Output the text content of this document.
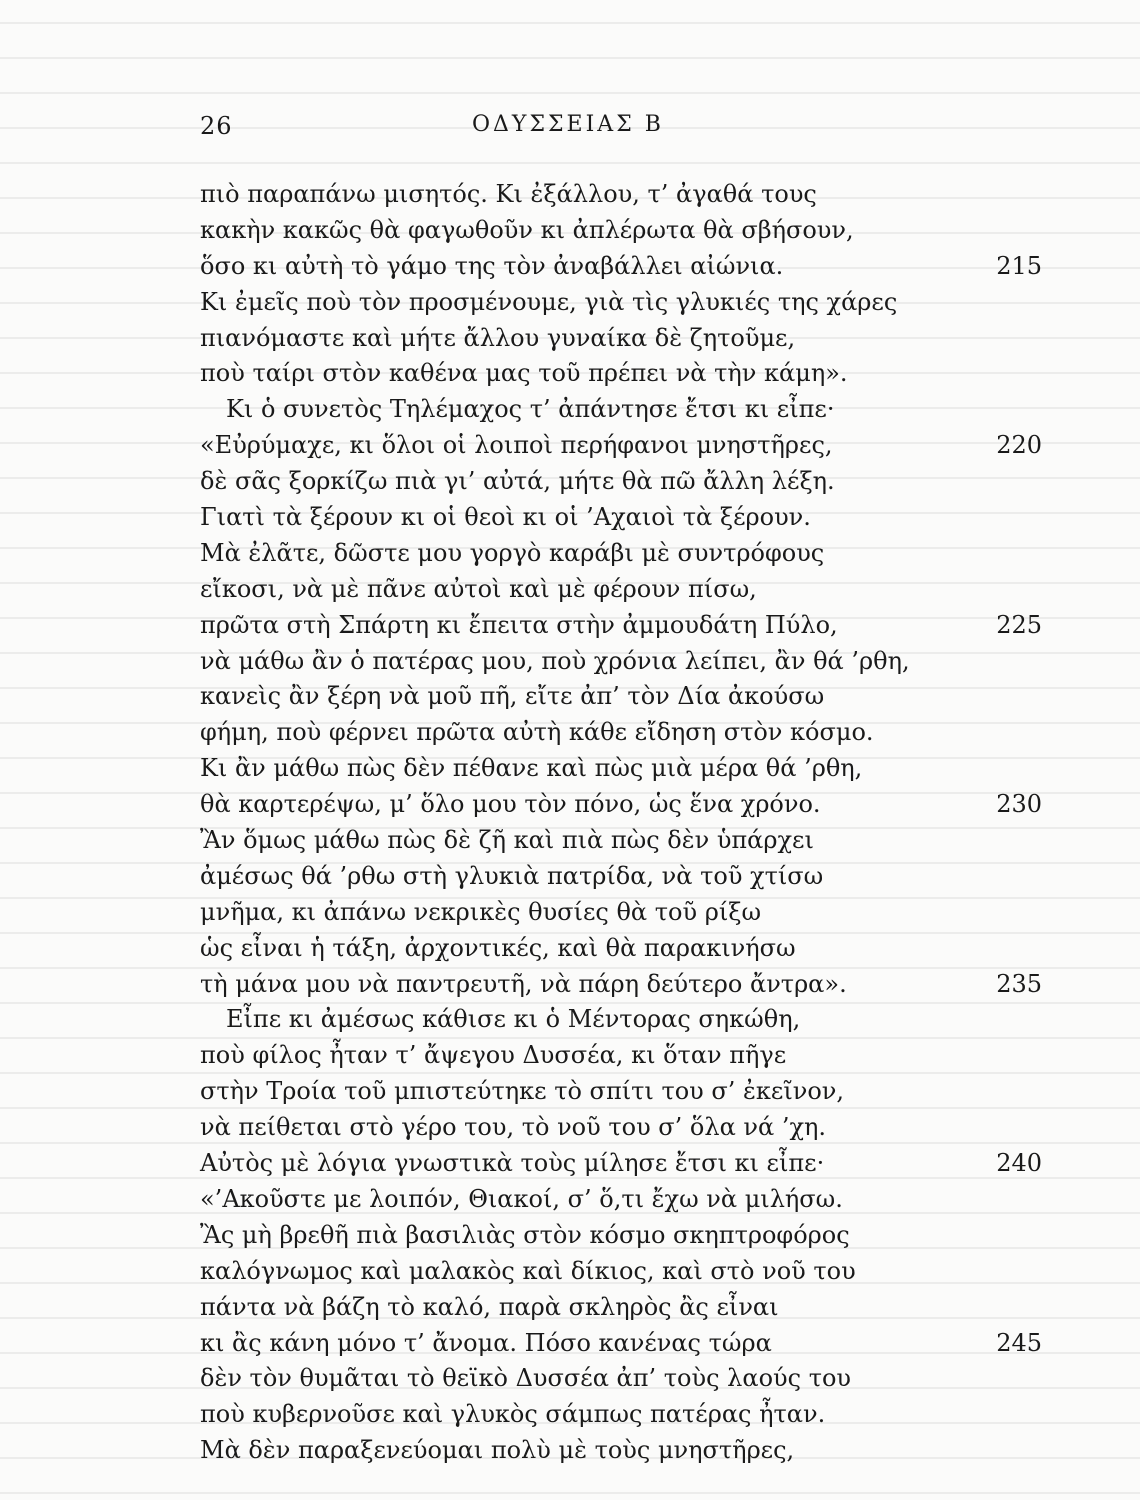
26	ΟΔΥΣΣΕΙΑΣ Β
πιὸ παραπάνω μισητός. Κι ἐξάλλου, τ’ ἀγαθά τους
κακὴν κακῶς θὰ φαγωθοῦν κι ἀπλέρωτα θὰ σβήσουν,
ὅσο κι αὐτὴ τὸ γάμο της τὸν ἀναβάλλει αἰώνια.	215
Κι ἐμεῖς ποὺ τὸν προσμένουμε, γιὰ τὶς γλυκιές της χάρες
πιανόμαστε καὶ μήτε ἄλλου γυναίκα δὲ ζητοῦμε,
ποὺ ταίρι στὸν καθένα μας τοῦ πρέπει νὰ τὴν κάμη».
Κι ὁ συνετὸς Τηλέμαχος τ’ ἀπάντησε ἔτσι κι εἶπε·
«Εὐρύμαχε, κι ὅλοι οἱ λοιποὶ περήφανοι μνηστῆρες,	220
δὲ σᾶς ξορκίζω πιὰ γι’ αὐτά, μήτε θὰ πῶ ἄλλη λέξη.
Γιατὶ τὰ ξέρουν κι οἱ θεοὶ κι οἱ ’Αχαιοὶ τὰ ξέρουν.
Μὰ ἐλᾶτε, δῶστε μου γοργὸ καράβι μὲ συντρόφους
εἴκοσι, νὰ μὲ πᾶνε αὐτοὶ καὶ μὲ φέρουν πίσω,
πρῶτα στὴ Σπάρτη κι ἔπειτα στὴν ἀμμουδάτη Πύλο,	225
νὰ μάθω ἂν ὁ πατέρας μου, ποὺ χρόνια λείπει, ἂν θά ’ρθη,
κανεὶς ἂν ξέρη νὰ μοῦ πῆ, εἴτε ἀπ’ τὸν Δία ἀκούσω
φήμη, ποὺ φέρνει πρῶτα αὐτὴ κάθε εἴδηση στὸν κόσμο.
Κι ἂν μάθω πὼς δὲν πέθανε καὶ πὼς μιὰ μέρα θά ’ρθη,
θὰ καρτερέψω, μ’ ὅλο μου τὸν πόνο, ὡς ἕνα χρόνο.	230
Ἂν ὅμως μάθω πὼς δὲ ζῆ καὶ πιὰ πὼς δὲν ὑπάρχει
ἀμέσως θά ’ρθω στὴ γλυκιὰ πατρίδα, νὰ τοῦ χτίσω
μνῆμα, κι ἀπάνω νεκρικὲς θυσίες θὰ τοῦ ρίξω
ὡς εἶναι ἡ τάξη, ἀρχοντικές, καὶ θὰ παρακινήσω
τὴ μάνα μου νὰ παντρευτῆ, νὰ πάρη δεύτερο ἄντρα».	235
Εἶπε κι ἀμέσως κάθισε κι ὁ Μέντορας σηκώθη,
ποὺ φίλος ἦταν τ’ ἄψεγου Δυσσέα, κι ὅταν πῆγε
στὴν Τροία τοῦ μπιστεύτηκε τὸ σπίτι του σ’ ἐκεῖνον,
νὰ πείθεται στὸ γέρο του, τὸ νοῦ του σ’ ὅλα νά ’χη.
Αὐτὸς μὲ λόγια γνωστικὰ τοὺς μίλησε ἔτσι κι εἶπε·	240
«’Ακοῦστε με λοιπόν, Θιακοί, σ’ ὅ,τι ἔχω νὰ μιλήσω.
Ἂς μὴ βρεθῆ πιὰ βασιλιὰς στὸν κόσμο σκηπτροφόρος
καλόγνωμος καὶ μαλακὸς καὶ δίκιος, καὶ στὸ νοῦ του
πάντα νὰ βάζη τὸ καλό, παρὰ σκληρὸς ἂς εἶναι
κι ἂς κάνη μόνο τ’ ἄνομα. Πόσο κανένας τώρα	245
δὲν τὸν θυμᾶται τὸ θεϊκὸ Δυσσέα ἀπ’ τοὺς λαούς του
ποὺ κυβερνοῦσε καὶ γλυκὸς σάμπως πατέρας ἦταν.
Μὰ δὲν παραξενεύομαι πολὺ μὲ τοὺς μνηστῆρες,
